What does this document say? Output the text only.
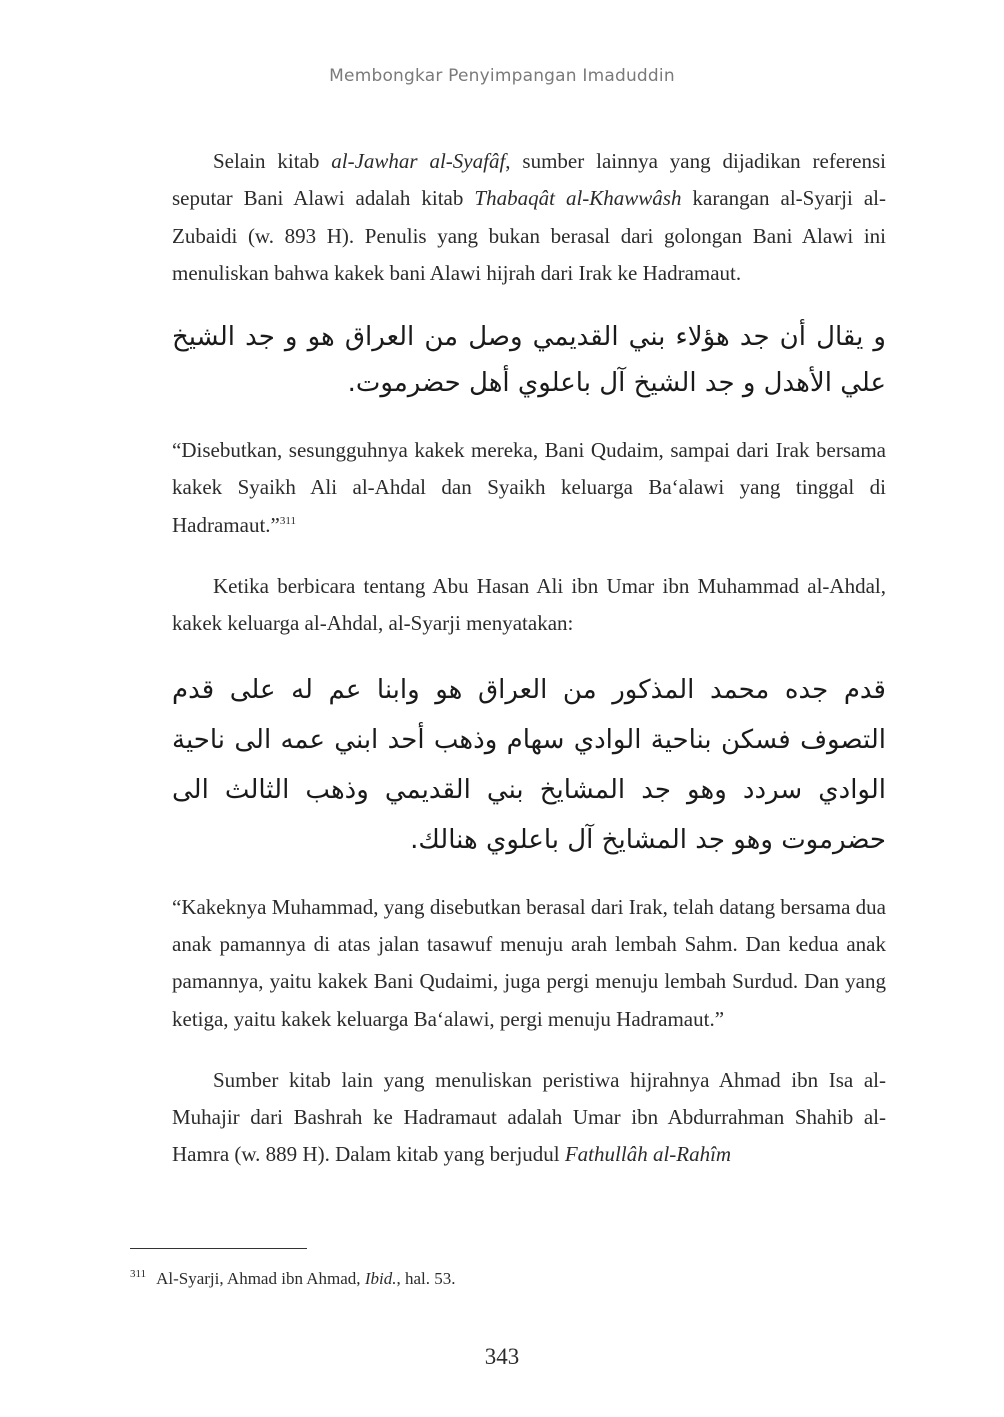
Membongkar Penyimpangan Imaduddin

Selain kitab al-Jawhar al-Syafâf, sumber lainnya yang dijadikan referensi seputar Bani Alawi adalah kitab Thabaqât al-Khawwâsh karangan al-Syarji al-Zubaidi (w. 893 H). Penulis yang bukan berasal dari golongan Bani Alawi ini menuliskan bahwa kakek bani Alawi hijrah dari Irak ke Hadramaut.

و يقال أن جد هؤلاء بني القديمي وصل من العراق هو و جد الشيخ علي الأهدل و جد الشيخ آل باعلوي أهل حضرموت.

“Disebutkan, sesungguhnya kakek mereka, Bani Qudaim, sampai dari Irak bersama kakek Syaikh Ali al-Ahdal dan Syaikh keluarga Ba‘alawi yang tinggal di Hadramaut.”$^{311}$

Ketika berbicara tentang Abu Hasan Ali ibn Umar ibn Muhammad al-Ahdal, kakek keluarga al-Ahdal, al-Syarji menyatakan:

قدم جده محمد المذكور من العراق هو وابنا عم له على قدم التصوف فسكن بناحية الوادي سهام وذهب أحد ابني عمه الى ناحية الوادي سردد وهو جد المشايخ بني القديمي وذهب الثالث الى حضرموت وهو جد المشايخ آل باعلوي هنالك.

“Kakeknya Muhammad, yang disebutkan berasal dari Irak, telah datang bersama dua anak pamannya di atas jalan tasawuf menuju arah lembah Sahm. Dan kedua anak pamannya, yaitu kakek Bani Qudaimi, juga pergi menuju lembah Surdud. Dan yang ketiga, yaitu kakek keluarga Ba‘alawi, pergi menuju Hadramaut.”

Sumber kitab lain yang menuliskan peristiwa hijrahnya Ahmad ibn Isa al-Muhajir dari Bashrah ke Hadramaut adalah Umar ibn Abdurrahman Shahib al-Hamra (w. 889 H). Dalam kitab yang berjudul Fathullâh al-Rahîm

$^{311}$ Al-Syarji, Ahmad ibn Ahmad, Ibid., hal. 53.
343
